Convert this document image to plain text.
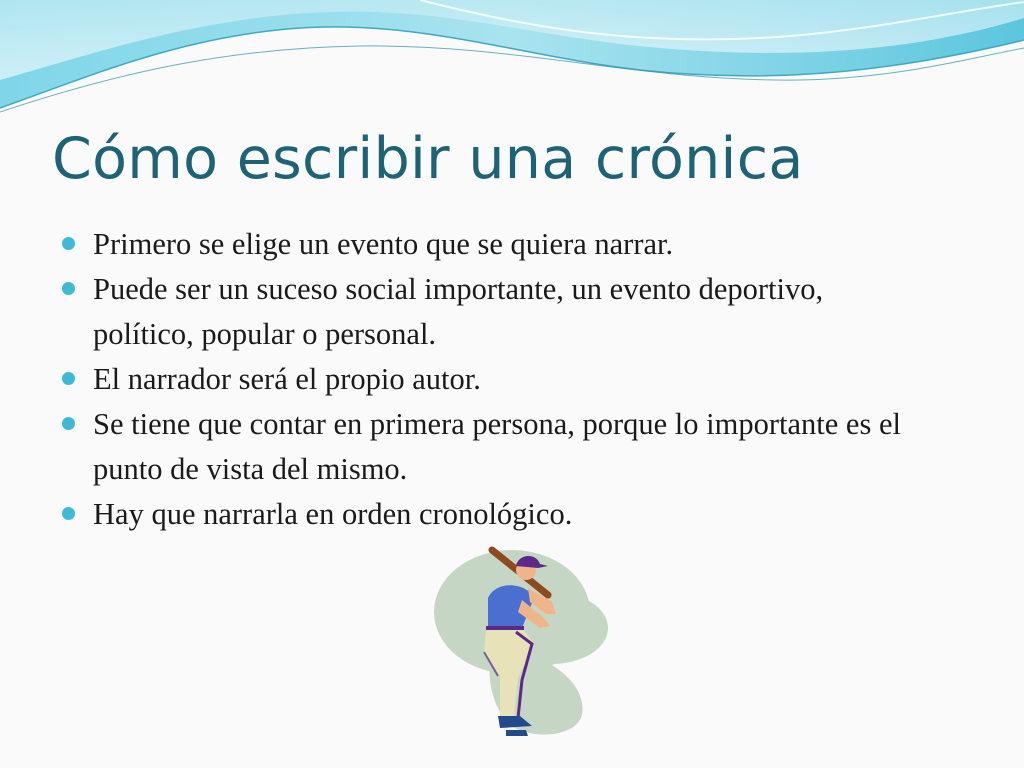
Cómo escribir una crónica
Primero se elige un evento que se quiera narrar.
Puede ser un suceso social importante, un evento deportivo, político, popular o personal.
El narrador será el propio autor.
Se tiene que contar en primera persona, porque lo importante es el punto de vista del mismo.
Hay que narrarla en orden cronológico.
